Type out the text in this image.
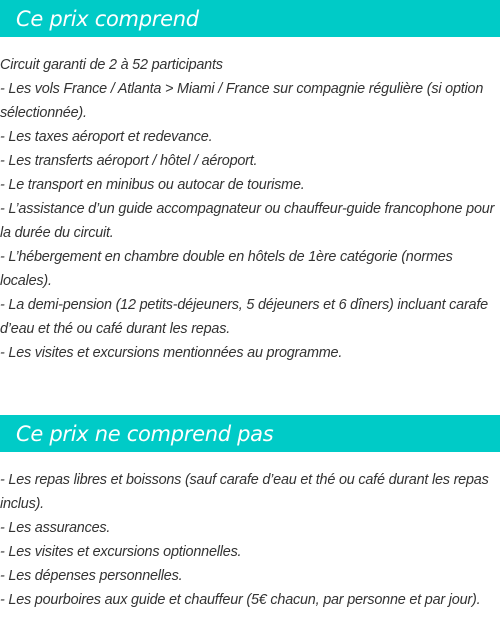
Ce prix comprend
Circuit garanti de 2 à 52 participants
- Les vols France / Atlanta > Miami / France sur compagnie régulière (si option sélectionnée).
- Les taxes aéroport et redevance.
- Les transferts aéroport / hôtel / aéroport.
- Le transport en minibus ou autocar de tourisme.
- L’assistance d’un guide accompagnateur ou chauffeur-guide francophone pour la durée du circuit.
- L’hébergement en chambre double en hôtels de 1ère catégorie (normes locales).
- La demi-pension (12 petits-déjeuners, 5 déjeuners et 6 dîners) incluant carafe d’eau et thé ou café durant les repas.
- Les visites et excursions mentionnées au programme.
Ce prix ne comprend pas
- Les repas libres et boissons (sauf carafe d’eau et thé ou café durant les repas inclus).
- Les assurances.
- Les visites et excursions optionnelles.
- Les dépenses personnelles.
- Les pourboires aux guide et chauffeur (5€ chacun, par personne et par jour).
